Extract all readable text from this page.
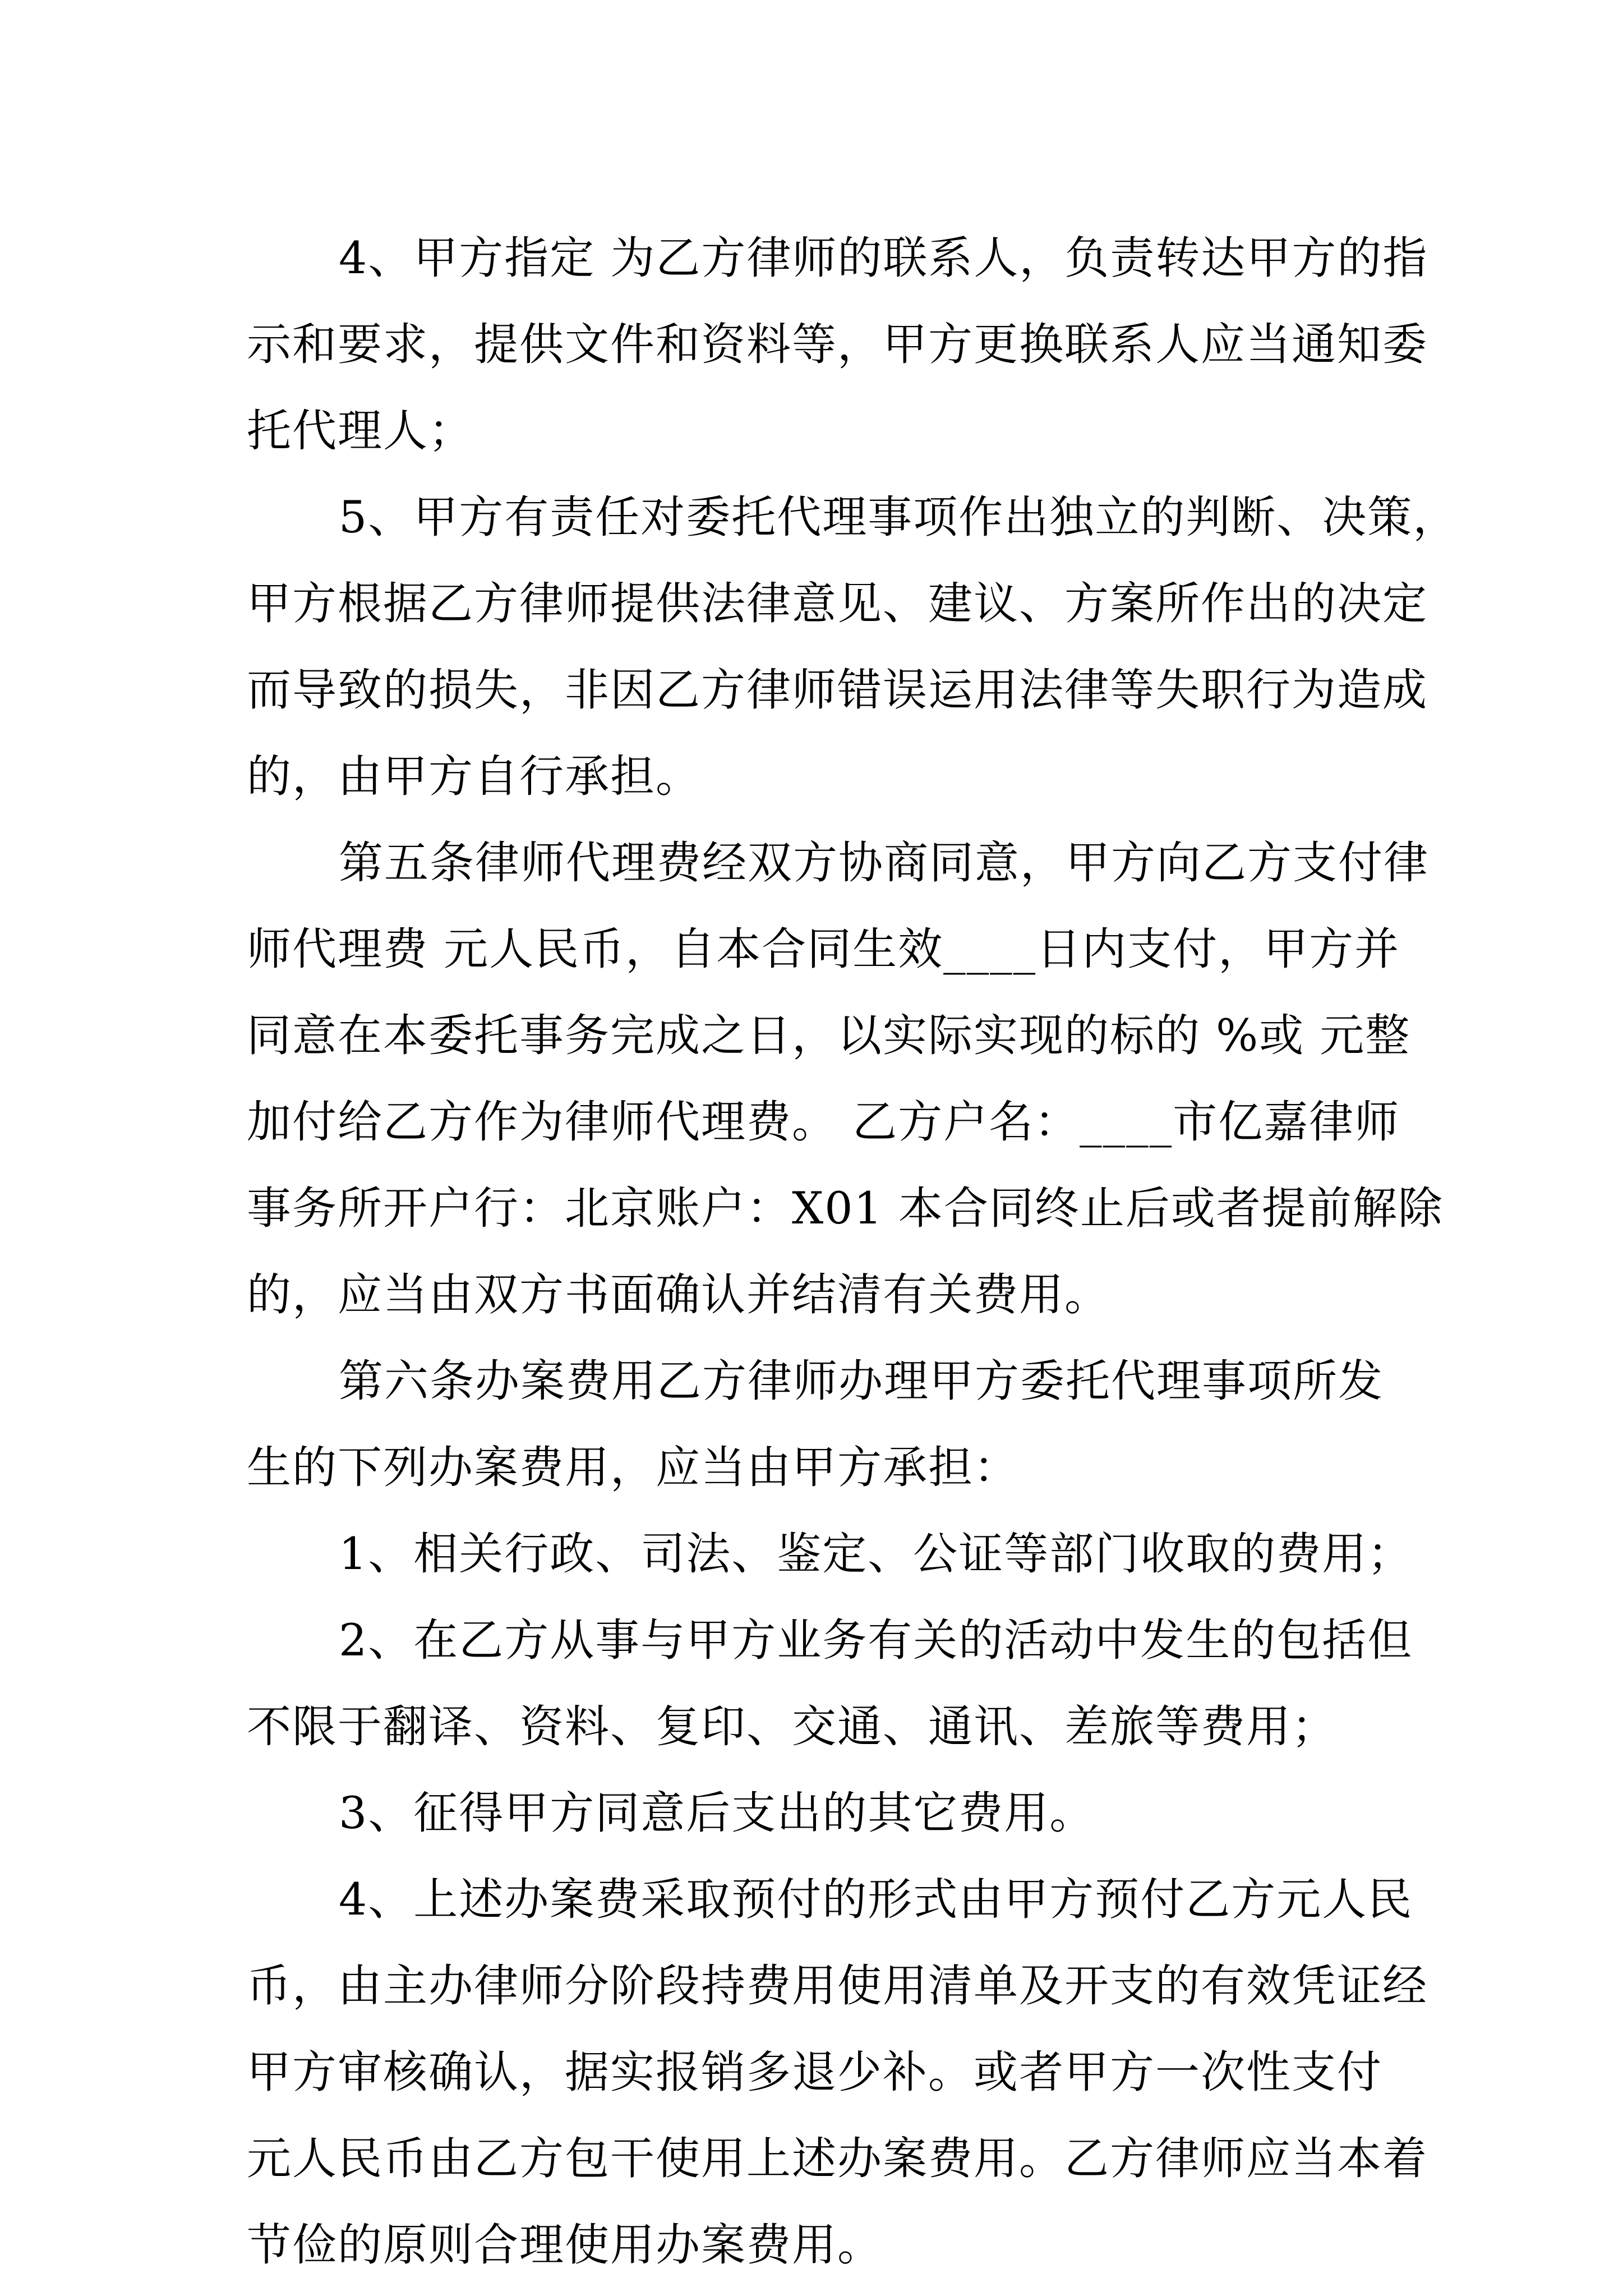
4、甲方指定 为乙方律师的联系人，负责转达甲方的指
示和要求，提供文件和资料等，甲方更换联系人应当通知委
托代理人；

5、甲方有责任对委托代理事项作出独立的判断、决策，
甲方根据乙方律师提供法律意见、建议、方案所作出的决定
而导致的损失，非因乙方律师错误运用法律等失职行为造成
的，由甲方自行承担。

第五条律师代理费经双方协商同意，甲方向乙方支付律
师代理费 元人民币，自本合同生效____日内支付，甲方并
同意在本委托事务完成之日，以实际实现的标的 %或 元整
加付给乙方作为律师代理费。 乙方户名：____市亿嘉律师
事务所开户行：北京账户：X01 本合同终止后或者提前解除
的，应当由双方书面确认并结清有关费用。

第六条办案费用乙方律师办理甲方委托代理事项所发
生的下列办案费用，应当由甲方承担：

1、相关行政、司法、鉴定、公证等部门收取的费用；

2、在乙方从事与甲方业务有关的活动中发生的包括但
不限于翻译、资料、复印、交通、通讯、差旅等费用；

3、征得甲方同意后支出的其它费用。

4、上述办案费采取预付的形式由甲方预付乙方元人民
币，由主办律师分阶段持费用使用清单及开支的有效凭证经
甲方审核确认，据实报销多退少补。或者甲方一次性支付
元人民币由乙方包干使用上述办案费用。乙方律师应当本着
节俭的原则合理使用办案费用。
